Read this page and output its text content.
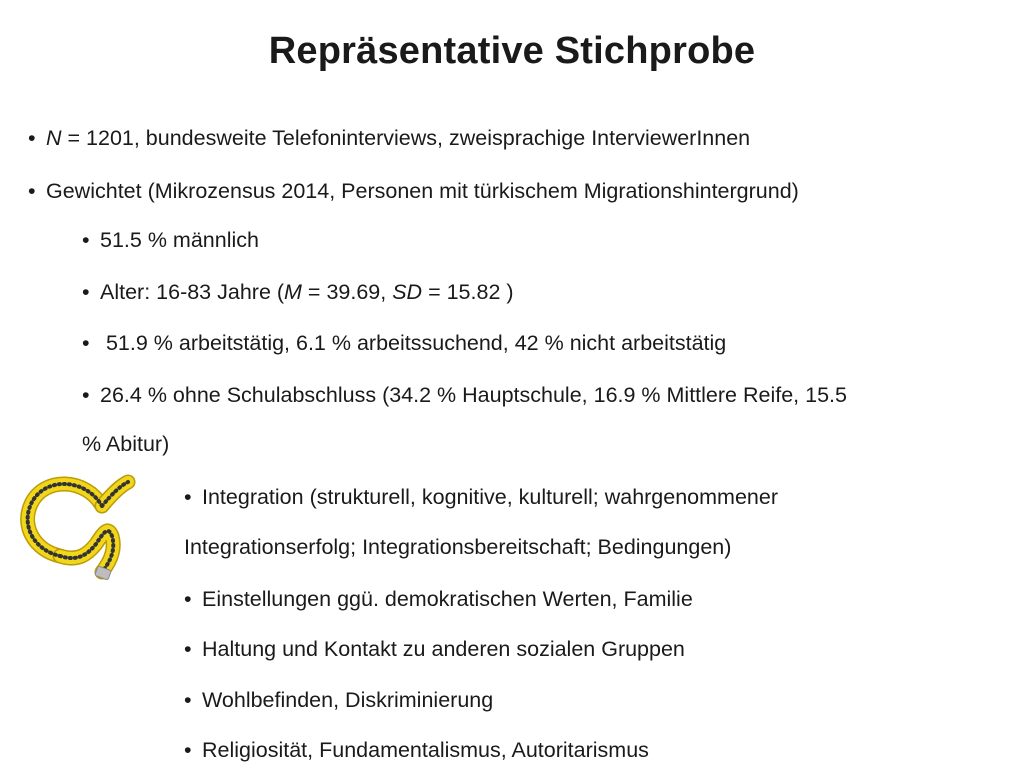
Repräsentative Stichprobe
• N = 1201, bundesweite Telefoninterviews, zweisprachige InterviewerInnen
• Gewichtet (Mikrozensus 2014, Personen mit türkischem Migrationshintergrund)
• 51.5 % männlich
• Alter: 16-83 Jahre (M = 39.69, SD = 15.82 )
• 51.9 % arbeitstätig, 6.1 % arbeitssuchend, 42 % nicht arbeitstätig
• 26.4 % ohne Schulabschluss (34.2 % Hauptschule, 16.9 % Mittlere Reife, 15.5
% Abitur)
• Integration (strukturell, kognitive, kulturell; wahrgenommener
Integrationserfolg; Integrationsbereitschaft; Bedingungen)
• Einstellungen ggü. demokratischen Werten, Familie
• Haltung und Kontakt zu anderen sozialen Gruppen
• Wohlbefinden, Diskriminierung
• Religiosität, Fundamentalismus, Autoritarismus
